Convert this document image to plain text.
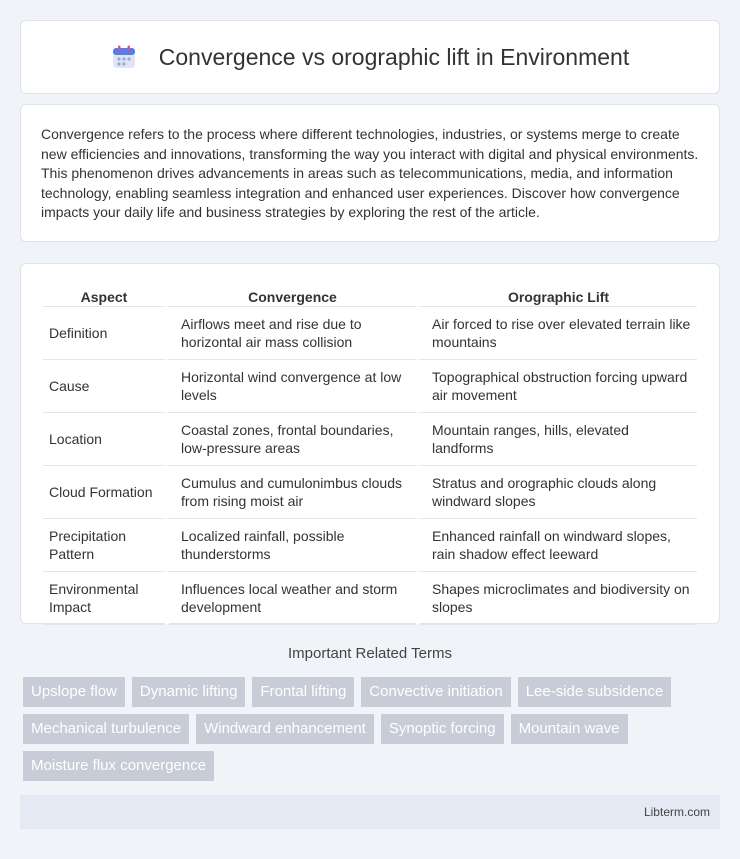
Convergence vs orographic lift in Environment

Convergence refers to the process where different technologies, industries, or systems merge to create new efficiencies and innovations, transforming the way you interact with digital and physical environments. This phenomenon drives advancements in areas such as telecommunications, media, and information technology, enabling seamless integration and enhanced user experiences. Discover how convergence impacts your daily life and business strategies by exploring the rest of the article.

Aspect	Convergence	Orographic Lift
Definition	Airflows meet and rise due to horizontal air mass collision	Air forced to rise over elevated terrain like mountains
Cause	Horizontal wind convergence at low levels	Topographical obstruction forcing upward air movement
Location	Coastal zones, frontal boundaries, low-pressure areas	Mountain ranges, hills, elevated landforms
Cloud Formation	Cumulus and cumulonimbus clouds from rising moist air	Stratus and orographic clouds along windward slopes
Precipitation Pattern	Localized rainfall, possible thunderstorms	Enhanced rainfall on windward slopes, rain shadow effect leeward
Environmental Impact	Influences local weather and storm development	Shapes microclimates and biodiversity on slopes
Important Related Terms
Upslope flow	Dynamic lifting	Frontal lifting	Convective initiation	Lee-side subsidence
Mechanical turbulence	Windward enhancement	Synoptic forcing	Mountain wave
Moisture flux convergence
Libterm.com
